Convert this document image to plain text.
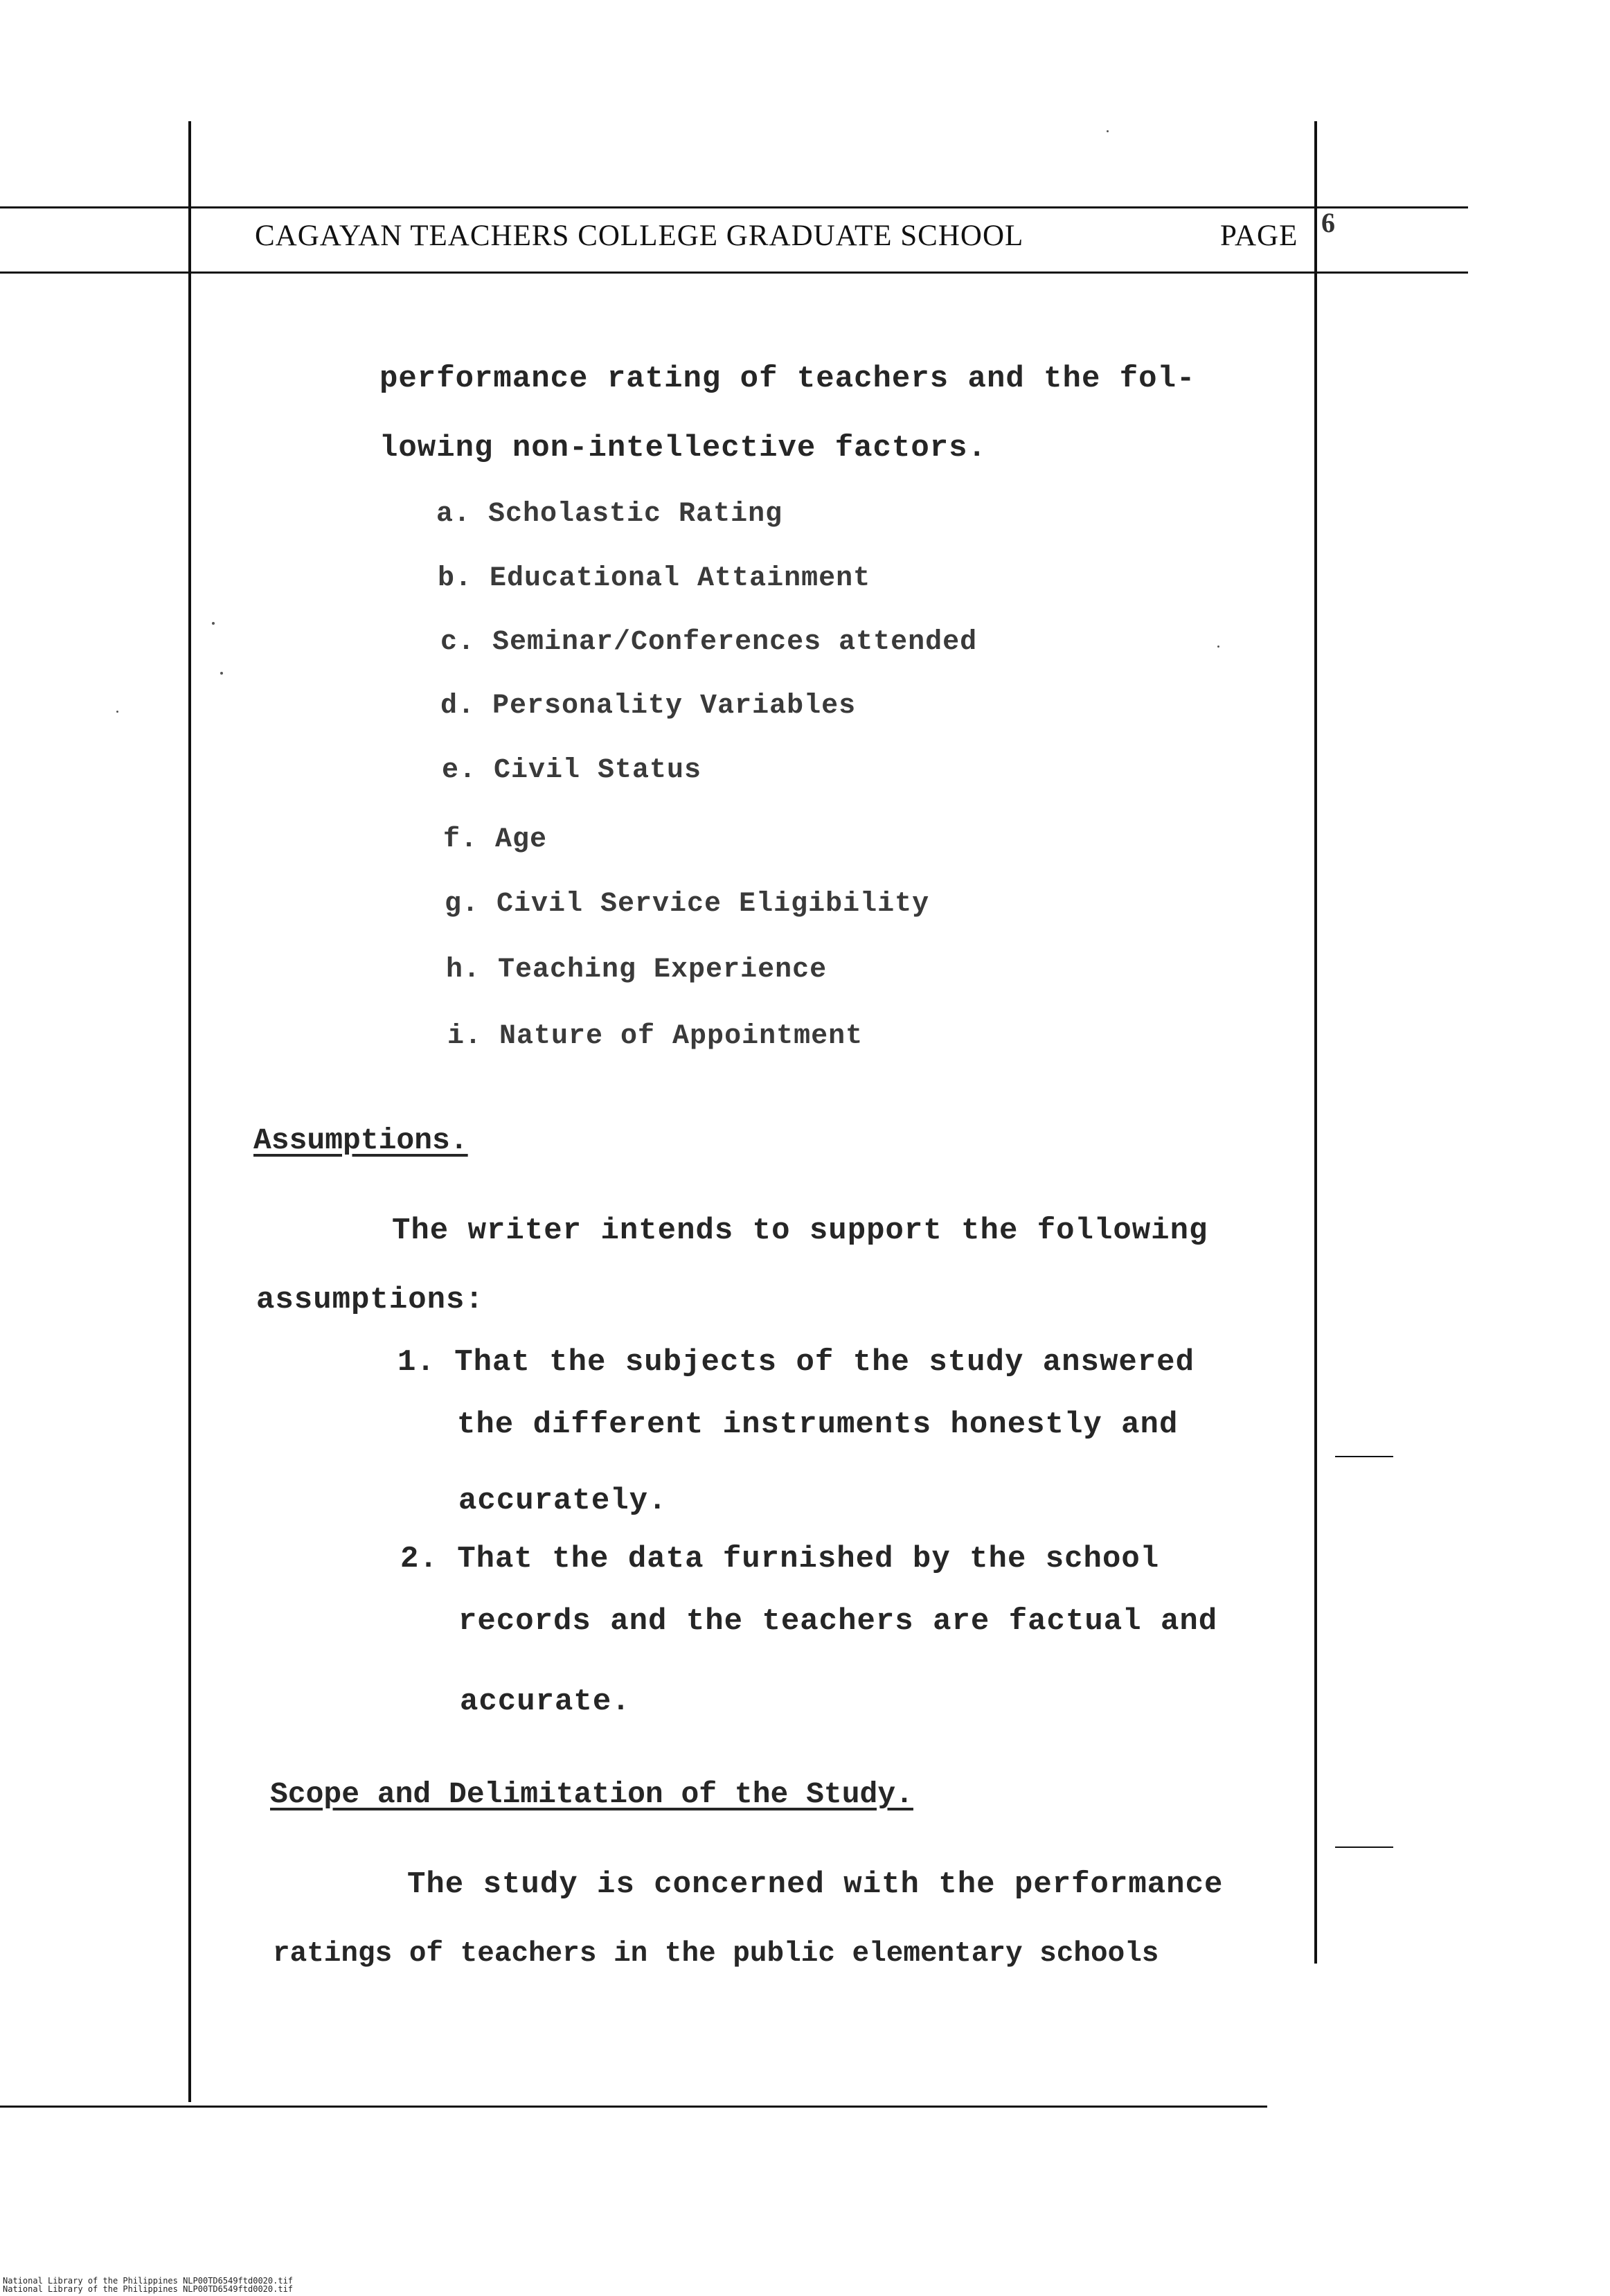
CAGAYAN TEACHERS COLLEGE GRADUATE SCHOOL	PAGE 6
performance rating of teachers and the fol-
lowing non-intellective factors.
a. Scholastic Rating
b. Educational Attainment
c. Seminar/Conferences attended
d. Personality Variables
e. Civil Status
f. Age
g. Civil Service Eligibility
h. Teaching Experience
i. Nature of Appointment
Assumptions.
The writer intends to support the following
assumptions:
1. That the subjects of the study answered
the different instruments honestly and
accurately.
2. That the data furnished by the school
records and the teachers are factual and
accurate.
Scope and Delimitation of the Study.
The study is concerned with the performance
ratings of teachers in the public elementary schools
National Library of the Philippines NLP00TD6549ftd0020.tif
National Library of the Philippines NLP00TD6549ftd0020.tif
